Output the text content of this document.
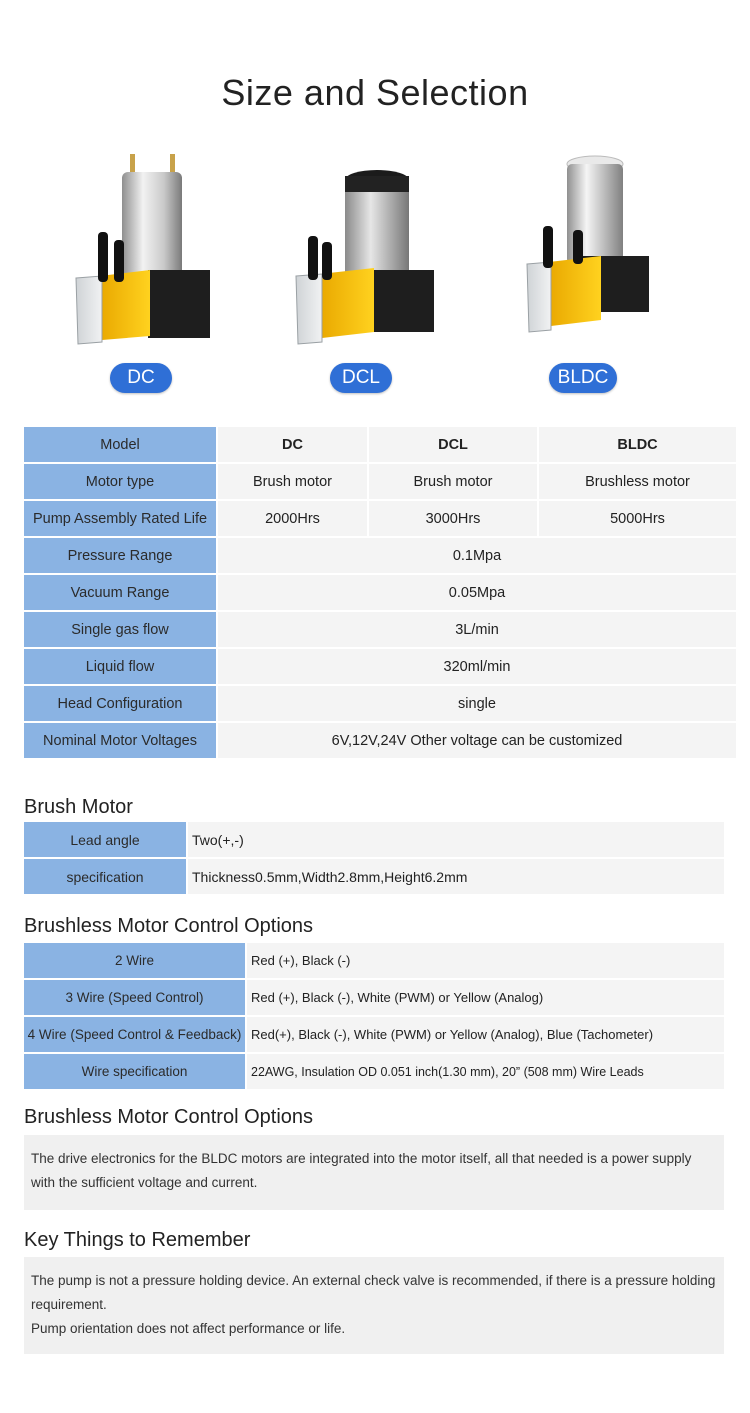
Size and Selection
DC	DCL	BLDC
Model	DC	DCL	BLDC
Motor type	Brush motor	Brush motor	Brushless motor
Pump Assembly Rated Life	2000Hrs	3000Hrs	5000Hrs
Pressure Range	0.1Mpa		
Vacuum Range	0.05Mpa		
Single gas flow	3L/min		
Liquid flow	320ml/min		
Head Configuration	single		
Nominal Motor Voltages	6V,12V,24V Other voltage can be customized		
Brush Motor
Lead angle	Two(+,-)
specification	Thickness0.5mm,Width2.8mm,Height6.2mm
Brushless Motor Control Options
2 Wire	Red (+), Black (-)
3 Wire (Speed Control)	Red (+), Black (-), White (PWM) or Yellow (Analog)
4 Wire (Speed Control & Feedback)	Red(+), Black (-), White (PWM) or Yellow (Analog), Blue (Tachometer)
Wire specification	22AWG, Insulation OD 0.051 inch(1.30 mm), 20” (508 mm) Wire Leads
Brushless Motor Control Options

The drive electronics for the BLDC motors are integrated into the motor itself, all that needed is a power supply with the sufficient voltage and current.

Key Things to Remember

The pump is not a pressure holding device. An external check valve is recommended, if there is a pressure holding requirement.

Pump orientation does not affect performance or life.
